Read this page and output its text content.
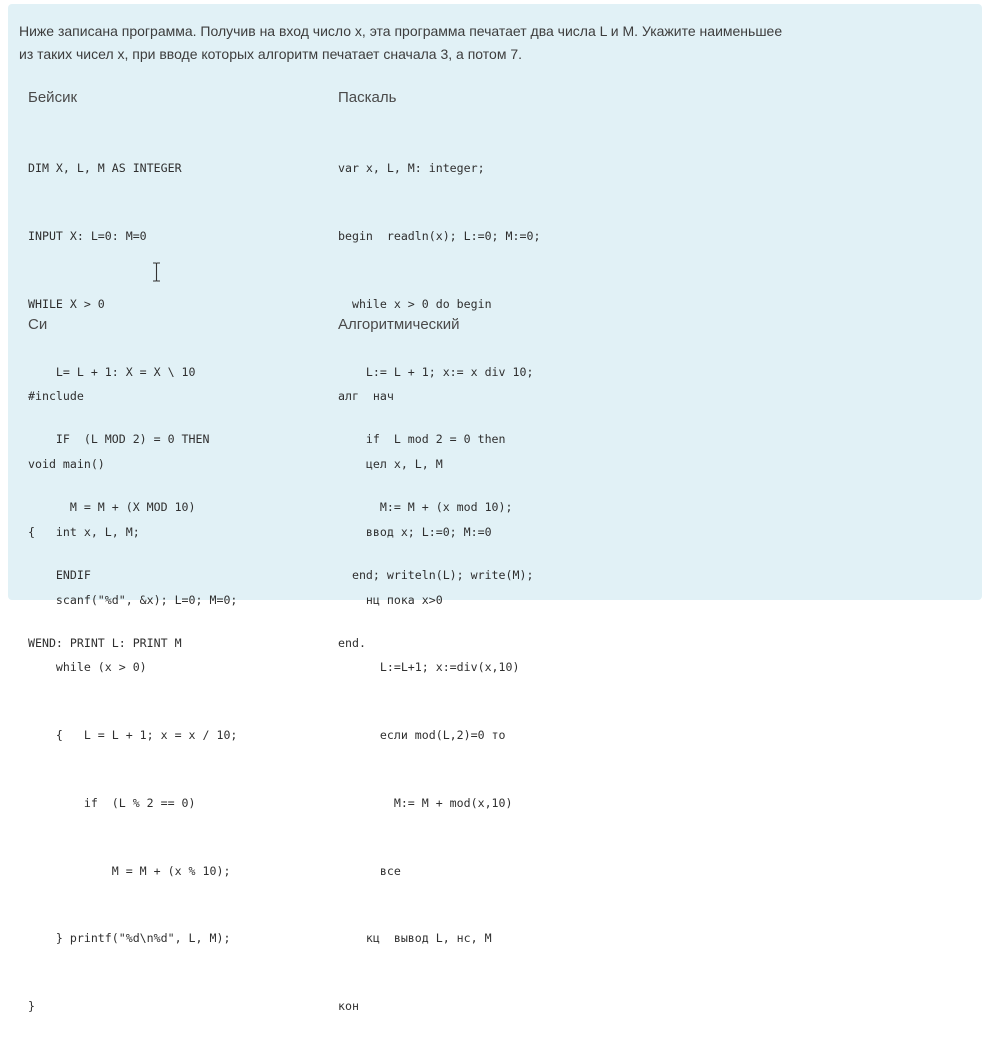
Ниже записана программа. Получив на вход число x, эта программа печатает два числа L и M. Укажите наименьшее
из таких чисел x, при вводе которых алгоритм печатает сначала 3, а потом 7.
Бейсик

DIM X, L, M AS INTEGER

INPUT X: L=0: M=0

WHILE X > 0

L= L + 1: X = X \ 10

IF  (L MOD 2) = 0 THEN

M = M + (X MOD 10)

ENDIF

WEND: PRINT L: PRINT M

Паскаль

var x, L, M: integer;

begin  readln(x); L:=0; M:=0;

while x > 0 do begin

L:= L + 1; x:= x div 10;

if  L mod 2 = 0 then

M:= M + (x mod 10);

end; writeln(L); write(M);

end.

Си

#include

void main()

{   int x, L, M;

scanf("%d", &x); L=0; M=0;

while (x > 0)

{   L = L + 1; x = x / 10;

if  (L % 2 == 0)

M = M + (x % 10);

} printf("%d\n%d", L, M);

}

Алгоритмический

алг  нач

цел x, L, M

ввод x; L:=0; M:=0

нц пока x>0

L:=L+1; x:=div(x,10)

если mod(L,2)=0 то

M:= M + mod(x,10)

все

кц  вывод L, нс, M

кон
